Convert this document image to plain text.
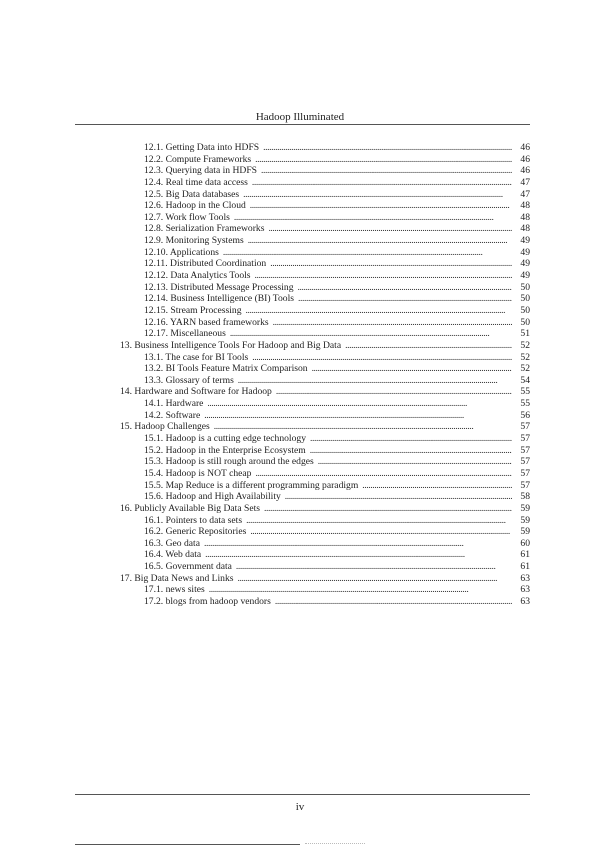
Hadoop Illuminated
12.1. Getting Data into HDFS . . .	46
12.2. Compute Frameworks . . .	46
12.3. Querying data in HDFS . . .	46
12.4. Real time data access . . .	47
12.5. Big Data databases . . .	47
12.6. Hadoop in the Cloud . . .	48
12.7. Work flow Tools . . .	48
12.8. Serialization Frameworks . . .	48
12.9. Monitoring Systems . . .	49
12.10. Applications . . .	49
12.11. Distributed Coordination . . .	49
12.12. Data Analytics Tools . . .	49
12.13. Distributed Message Processing . . .	50
12.14. Business Intelligence (BI) Tools . . .	50
12.15. Stream Processing . . .	50
12.16. YARN based frameworks . . .	50
12.17. Miscellaneous . . .	51
13. Business Intelligence Tools For Hadoop and Big Data . . .	52
13.1. The case for BI Tools . . .	52
13.2. BI Tools Feature Matrix Comparison . . .	52
13.3. Glossary of terms . . .	54
14. Hardware and Software for Hadoop . . .	55
14.1. Hardware . . .	55
14.2. Software . . .	56
15. Hadoop Challenges . . .	57
15.1. Hadoop is a cutting edge technology . . .	57
15.2. Hadoop in the Enterprise Ecosystem . . .	57
15.3. Hadoop is still rough around the edges . . .	57
15.4. Hadoop is NOT cheap . . .	57
15.5. Map Reduce is a different programming paradigm . . .	57
15.6. Hadoop and High Availability . . .	58
16. Publicly Available Big Data Sets . . .	59
16.1. Pointers to data sets . . .	59
16.2. Generic Repositories . . .	59
16.3. Geo data . . .	60
16.4. Web data . . .	61
16.5. Government data . . .	61
17. Big Data News and Links . . .	63
17.1. news sites . . .	63
17.2. blogs from hadoop vendors . . .	63
iv
